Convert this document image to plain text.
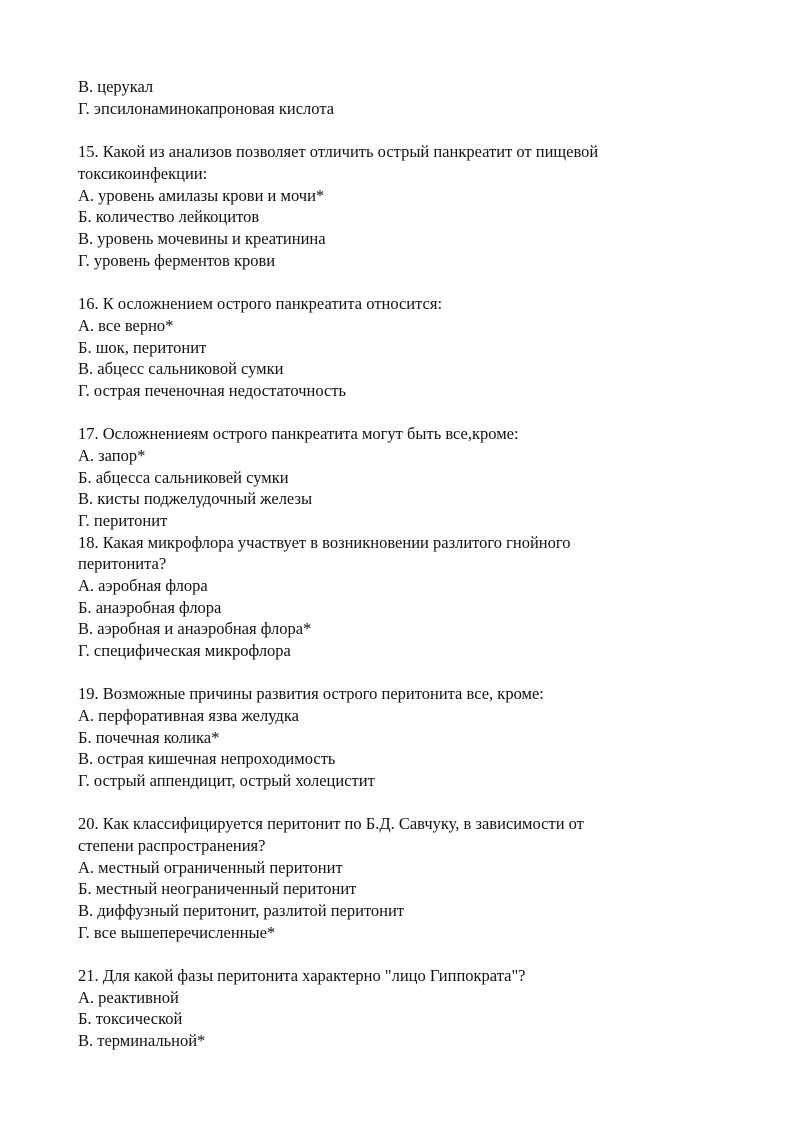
В. церукал
Г. эпсилонаминокапроновая кислота
15. Какой из анализов позволяет отличить острый панкреатит от пищевой
токсикоинфекции:
А. уровень амилазы крови и мочи*
Б. количество лейкоцитов
В. уровень мочевины и креатинина
Г. уровень ферментов крови
16. К осложнением острого панкреатита относится:
А. все верно*
Б. шок, перитонит
В. абцесс сальниковой сумки
Г. острая печеночная недостаточность
17. Осложнениеям острого панкреатита могут быть все,кроме:
А. запор*
Б. абцесса сальниковей сумки
В. кисты поджелудочный железы
Г. перитонит
18. Какая микрофлора участвует в возникновении разлитого гнойного
перитонита?
А. аэробная флора
Б. анаэробная флора
В. аэробная и анаэробная флора*
Г. специфическая микрофлора
19. Возможные причины развития острого перитонита все, кроме:
А. перфоративная язва желудка
Б. почечная колика*
В. острая кишечная непроходимость
Г. острый аппендицит, острый холецистит
20. Как классифицируется перитонит по Б.Д. Савчуку, в зависимости от
степени распространения?
А. местный ограниченный перитонит
Б. местный неограниченный перитонит
В. диффузный перитонит, разлитой перитонит
Г. все вышеперечисленные*
21. Для какой фазы перитонита характерно "лицо Гиппократа"?
А. реактивной
Б. токсической
В. терминальной*
